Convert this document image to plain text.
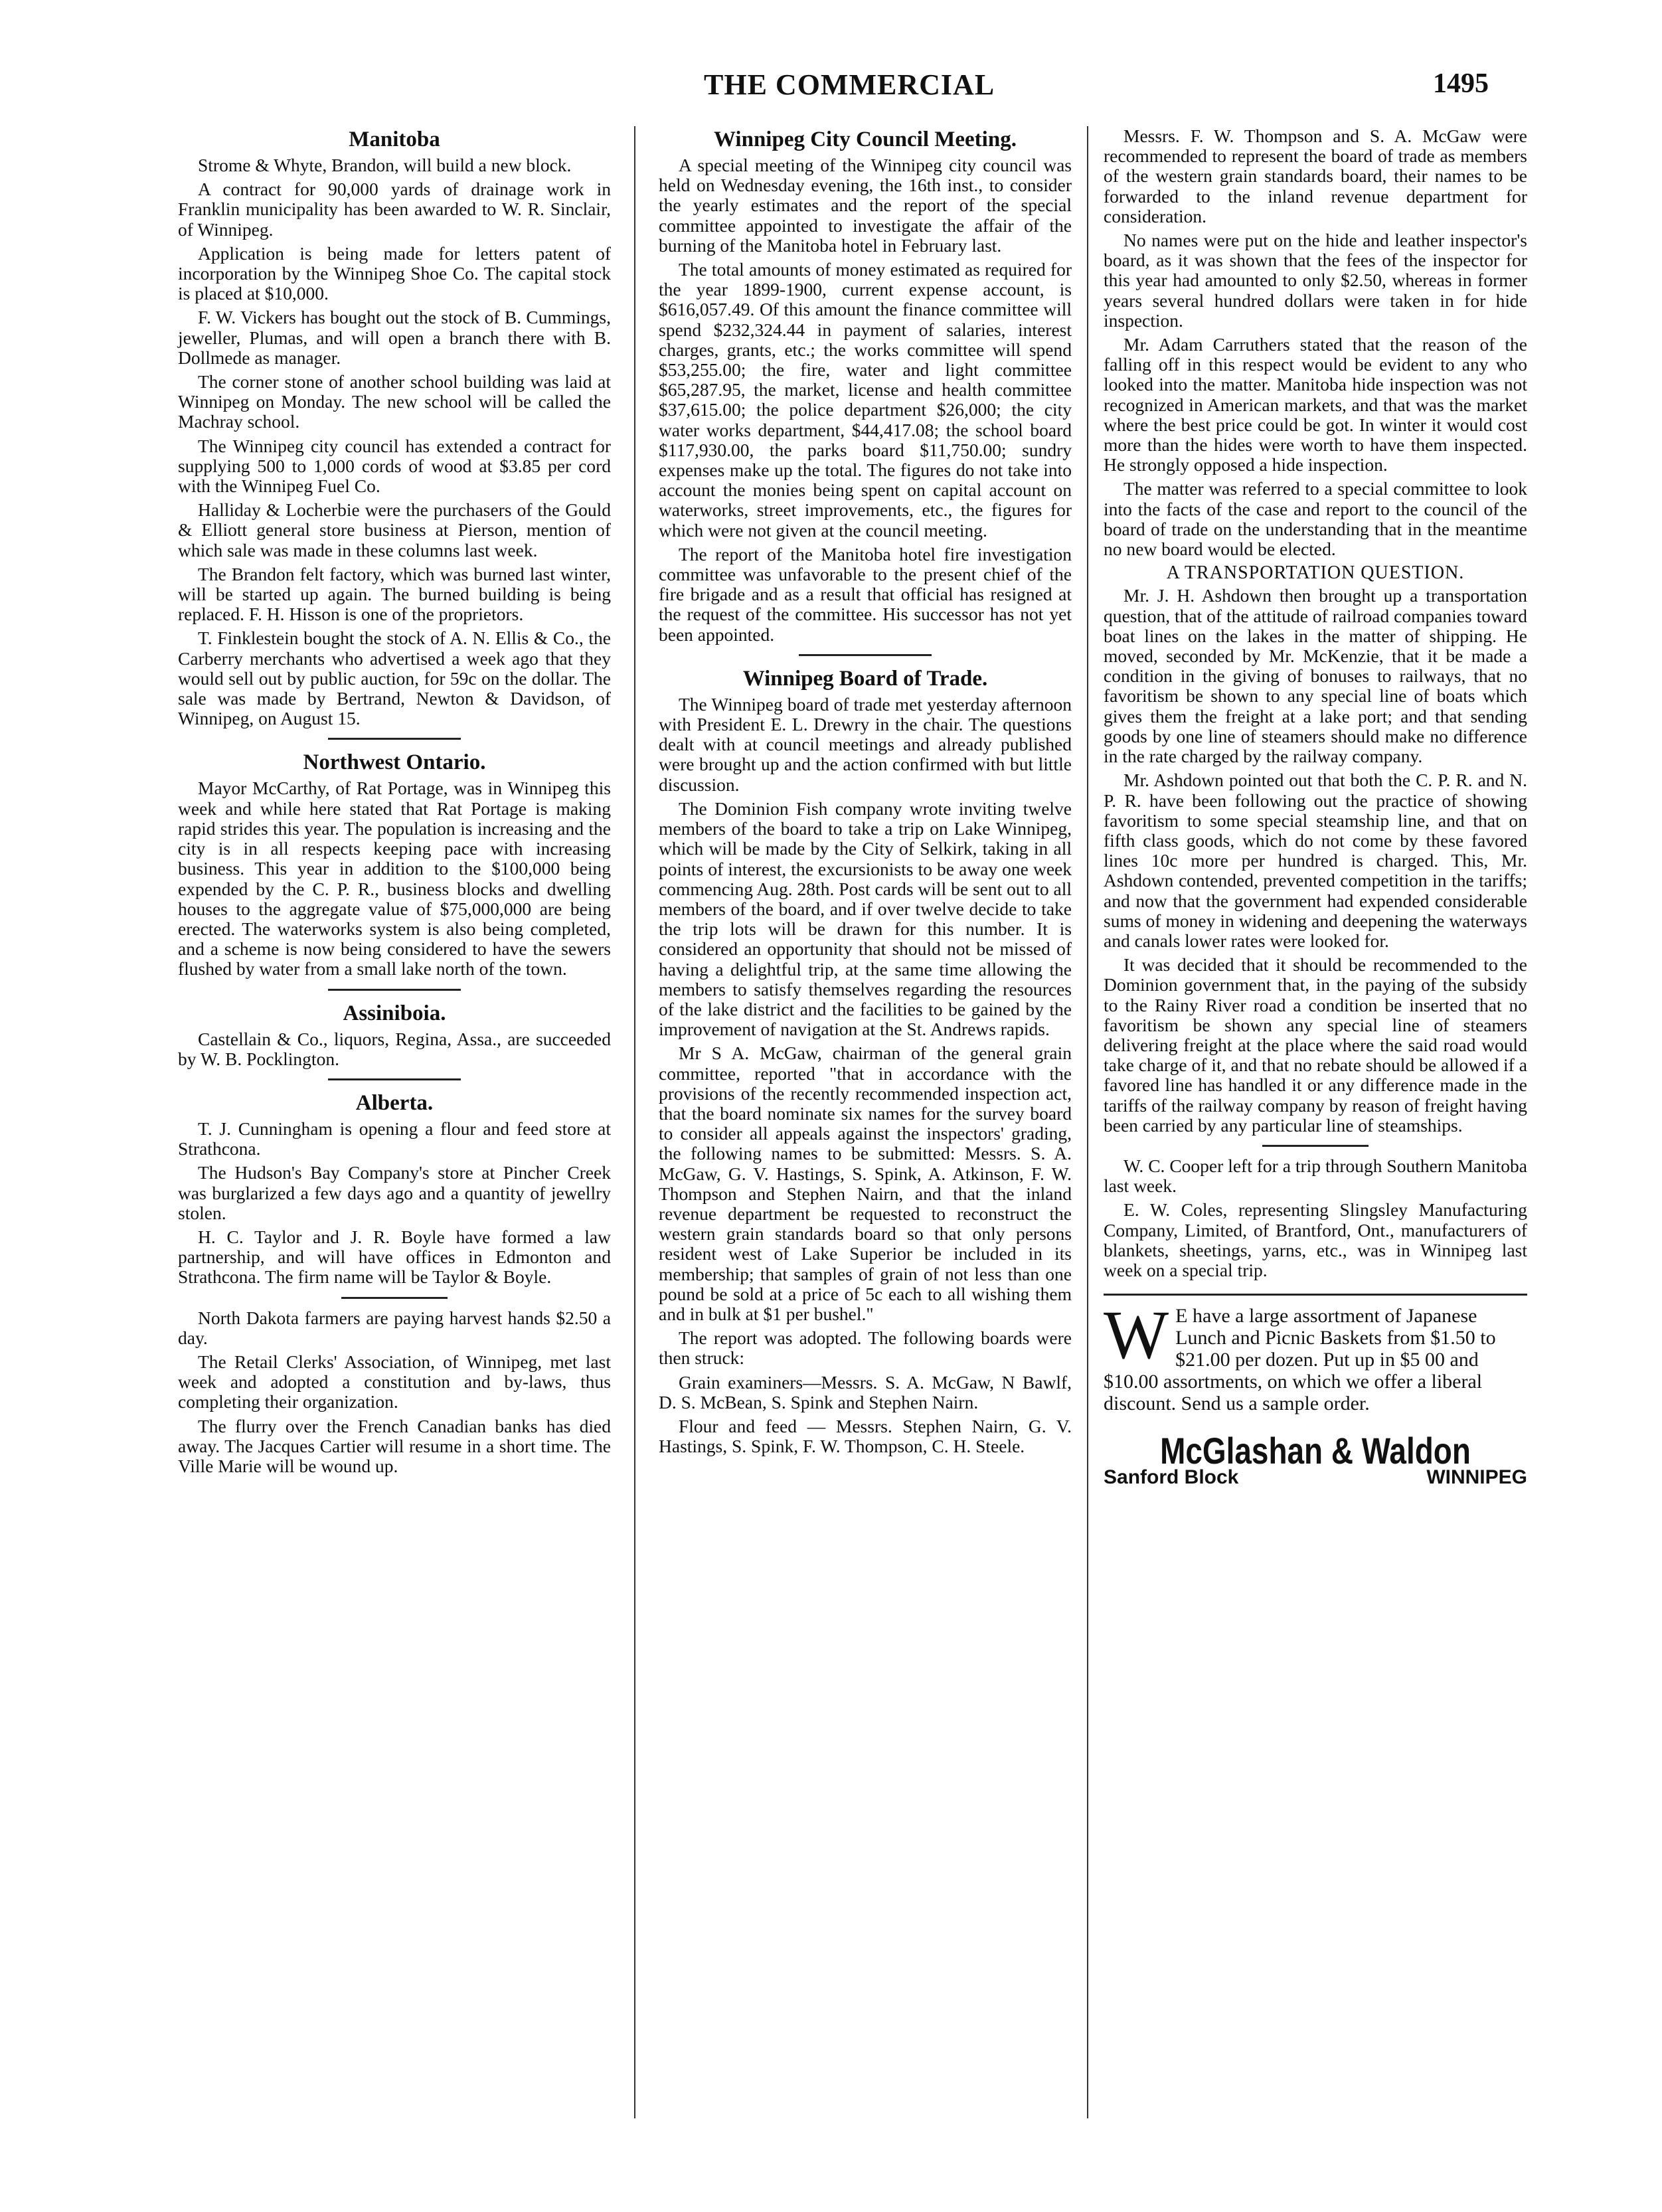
THE COMMERCIAL	1495
Manitoba

Strome & Whyte, Brandon, will build a new block.

A contract for 90,000 yards of drainage work in Franklin municipality has been awarded to W. R. Sinclair, of Winnipeg.

Application is being made for letters patent of incorporation by the Winnipeg Shoe Co. The capital stock is placed at $10,000.

F. W. Vickers has bought out the stock of B. Cummings, jeweller, Plumas, and will open a branch there with B. Dollmede as manager.

The corner stone of another school building was laid at Winnipeg on Monday. The new school will be called the Machray school.

The Winnipeg city council has extended a contract for supplying 500 to 1,000 cords of wood at $3.85 per cord with the Winnipeg Fuel Co.

Halliday & Locherbie were the purchasers of the Gould & Elliott general store business at Pierson, mention of which sale was made in these columns last week.

The Brandon felt factory, which was burned last winter, will be started up again. The burned building is being replaced. F. H. Hisson is one of the proprietors.

T. Finklestein bought the stock of A. N. Ellis & Co., the Carberry merchants who advertised a week ago that they would sell out by public auction, for 59c on the dollar. The sale was made by Bertrand, Newton & Davidson, of Winnipeg, on August 15.

Northwest Ontario.

Mayor McCarthy, of Rat Portage, was in Winnipeg this week and while here stated that Rat Portage is making rapid strides this year. The population is increasing and the city is in all respects keeping pace with increasing business. This year in addition to the $100,000 being expended by the C. P. R., business blocks and dwelling houses to the aggregate value of $75,000,000 are being erected. The waterworks system is also being completed, and a scheme is now being considered to have the sewers flushed by water from a small lake north of the town.

Assiniboia.

Castellain & Co., liquors, Regina, Assa., are succeeded by W. B. Pocklington.

Alberta.

T. J. Cunningham is opening a flour and feed store at Strathcona.

The Hudson's Bay Company's store at Pincher Creek was burglarized a few days ago and a quantity of jewellry stolen.

H. C. Taylor and J. R. Boyle have formed a law partnership, and will have offices in Edmonton and Strathcona. The firm name will be Taylor & Boyle.

North Dakota farmers are paying harvest hands $2.50 a day.

The Retail Clerks' Association, of Winnipeg, met last week and adopted a constitution and by-laws, thus completing their organization.

The flurry over the French Canadian banks has died away. The Jacques Cartier will resume in a short time. The Ville Marie will be wound up.

Winnipeg City Council Meeting.

A special meeting of the Winnipeg city council was held on Wednesday evening, the 16th inst., to consider the yearly estimates and the report of the special committee appointed to investigate the affair of the burning of the Manitoba hotel in February last.

The total amounts of money estimated as required for the year 1899-1900, current expense account, is $616,057.49. Of this amount the finance committee will spend $232,324.44 in payment of salaries, interest charges, grants, etc.; the works committee will spend $53,255.00; the fire, water and light committee $65,287.95, the market, license and health committee $37,615.00; the police department $26,000; the city water works department, $44,417.08; the school board $117,930.00, the parks board $11,750.00; sundry expenses make up the total. The figures do not take into account the monies being spent on capital account on waterworks, street improvements, etc., the figures for which were not given at the council meeting.

The report of the Manitoba hotel fire investigation committee was unfavorable to the present chief of the fire brigade and as a result that official has resigned at the request of the committee. His successor has not yet been appointed.

Winnipeg Board of Trade.

The Winnipeg board of trade met yesterday afternoon with President E. L. Drewry in the chair. The questions dealt with at council meetings and already published were brought up and the action confirmed with but little discussion.

The Dominion Fish company wrote inviting twelve members of the board to take a trip on Lake Winnipeg, which will be made by the City of Selkirk, taking in all points of interest, the excursionists to be away one week commencing Aug. 28th. Post cards will be sent out to all members of the board, and if over twelve decide to take the trip lots will be drawn for this number. It is considered an opportunity that should not be missed of having a delightful trip, at the same time allowing the members to satisfy themselves regarding the resources of the lake district and the facilities to be gained by the improvement of navigation at the St. Andrews rapids.

Mr S A. McGaw, chairman of the general grain committee, reported "that in accordance with the provisions of the recently recommended inspection act, that the board nominate six names for the survey board to consider all appeals against the inspectors' grading, the following names to be submitted: Messrs. S. A. McGaw, G. V. Hastings, S. Spink, A. Atkinson, F. W. Thompson and Stephen Nairn, and that the inland revenue department be requested to reconstruct the western grain standards board so that only persons resident west of Lake Superior be included in its membership; that samples of grain of not less than one pound be sold at a price of 5c each to all wishing them and in bulk at $1 per bushel."

The report was adopted. The following boards were then struck:

Grain examiners—Messrs. S. A. McGaw, N Bawlf, D. S. McBean, S. Spink and Stephen Nairn.

Flour and feed — Messrs. Stephen Nairn, G. V. Hastings, S. Spink, F. W. Thompson, C. H. Steele.

Messrs. F. W. Thompson and S. A. McGaw were recommended to represent the board of trade as members of the western grain standards board, their names to be forwarded to the inland revenue department for consideration.

No names were put on the hide and leather inspector's board, as it was shown that the fees of the inspector for this year had amounted to only $2.50, whereas in former years several hundred dollars were taken in for hide inspection.

Mr. Adam Carruthers stated that the reason of the falling off in this respect would be evident to any who looked into the matter. Manitoba hide inspection was not recognized in American markets, and that was the market where the best price could be got. In winter it would cost more than the hides were worth to have them inspected. He strongly opposed a hide inspection.

The matter was referred to a special committee to look into the facts of the case and report to the council of the board of trade on the understanding that in the meantime no new board would be elected.

A TRANSPORTATION QUESTION.

Mr. J. H. Ashdown then brought up a transportation question, that of the attitude of railroad companies toward boat lines on the lakes in the matter of shipping. He moved, seconded by Mr. McKenzie, that it be made a condition in the giving of bonuses to railways, that no favoritism be shown to any special line of boats which gives them the freight at a lake port; and that sending goods by one line of steamers should make no difference in the rate charged by the railway company.

Mr. Ashdown pointed out that both the C. P. R. and N. P. R. have been following out the practice of showing favoritism to some special steamship line, and that on fifth class goods, which do not come by these favored lines 10c more per hundred is charged. This, Mr. Ashdown contended, prevented competition in the tariffs; and now that the government had expended considerable sums of money in widening and deepening the waterways and canals lower rates were looked for.

It was decided that it should be recommended to the Dominion government that, in the paying of the subsidy to the Rainy River road a condition be inserted that no favoritism be shown any special line of steamers delivering freight at the place where the said road would take charge of it, and that no rebate should be allowed if a favored line has handled it or any difference made in the tariffs of the railway company by reason of freight having been carried by any particular line of steamships.

W. C. Cooper left for a trip through Southern Manitoba last week.

E. W. Coles, representing Slingsley Manufacturing Company, Limited, of Brantford, Ont., manufacturers of blankets, sheetings, yarns, etc., was in Winnipeg last week on a special trip.

W E have a large assortment of Japanese Lunch and Picnic Baskets from $1.50 to $21.00 per dozen. Put up in $5 00 and $10.00 assortments, on which we offer a liberal discount. Send us a sample order.
McGlashan & Waldon
Sanford Block	WINNIPEG
